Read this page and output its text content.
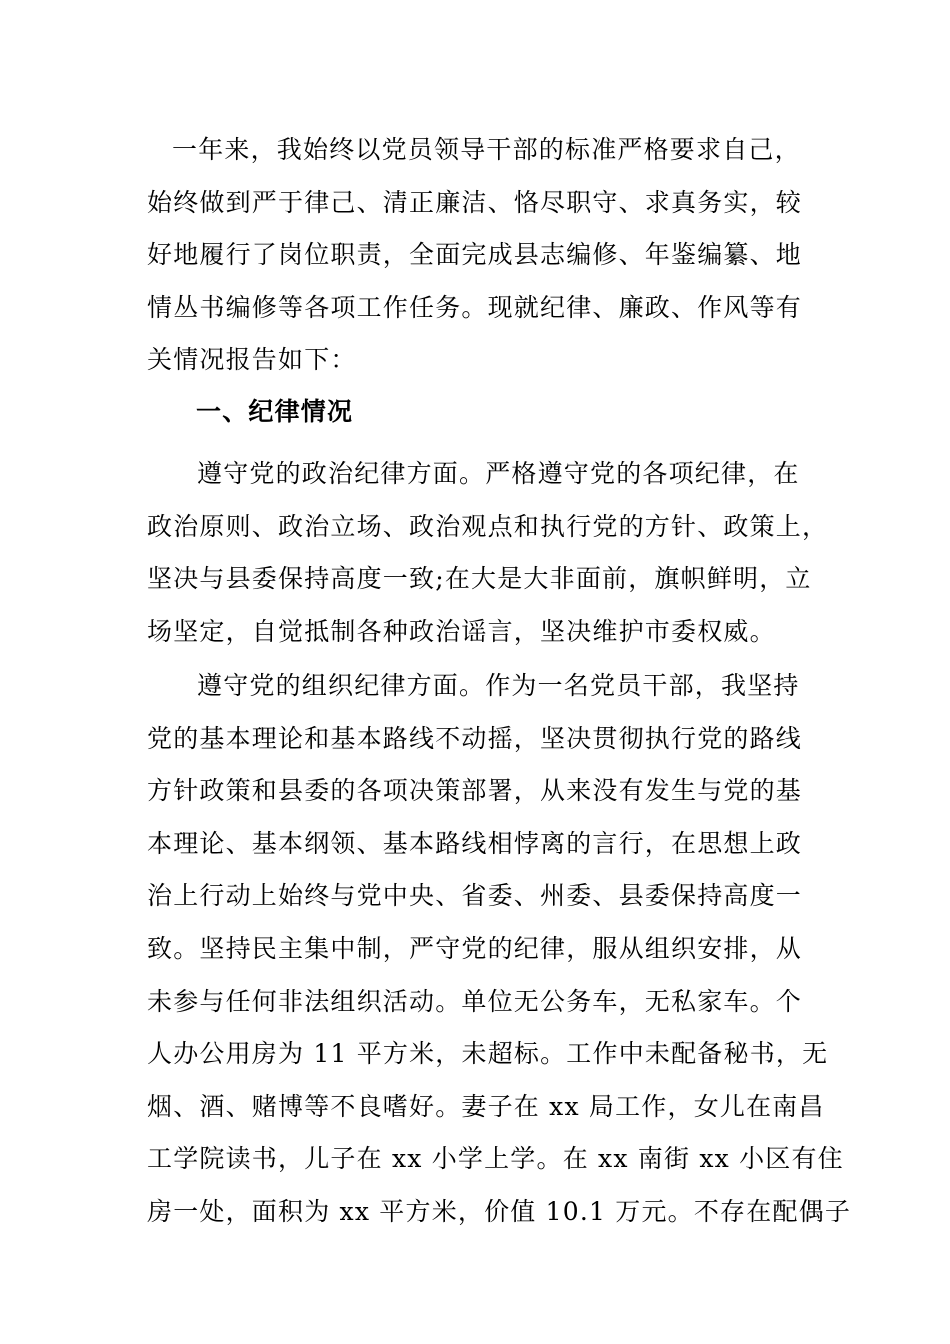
一年来，我始终以党员领导干部的标准严格要求自己，
始终做到严于律己、清正廉洁、恪尽职守、求真务实，较
好地履行了岗位职责，全面完成县志编修、年鉴编纂、地
情丛书编修等各项工作任务。现就纪律、廉政、作风等有
关情况报告如下：
一、纪律情况
遵守党的政治纪律方面。严格遵守党的各项纪律，在
政治原则、政治立场、政治观点和执行党的方针、政策上，
坚决与县委保持高度一致;在大是大非面前，旗帜鲜明，立
场坚定，自觉抵制各种政治谣言，坚决维护市委权威。
遵守党的组织纪律方面。作为一名党员干部，我坚持
党的基本理论和基本路线不动摇，坚决贯彻执行党的路线
方针政策和县委的各项决策部署，从来没有发生与党的基
本理论、基本纲领、基本路线相悖离的言行，在思想上政
治上行动上始终与党中央、省委、州委、县委保持高度一
致。坚持民主集中制，严守党的纪律，服从组织安排，从
未参与任何非法组织活动。单位无公务车，无私家车。个
人办公用房为 11 平方米，未超标。工作中未配备秘书，无
烟、酒、赌博等不良嗜好。妻子在 xx 局工作，女儿在南昌
工学院读书，儿子在 xx 小学上学。在 xx 南街 xx 小区有住
房一处，面积为 xx 平方米，价值 10.1 万元。不存在配偶子
